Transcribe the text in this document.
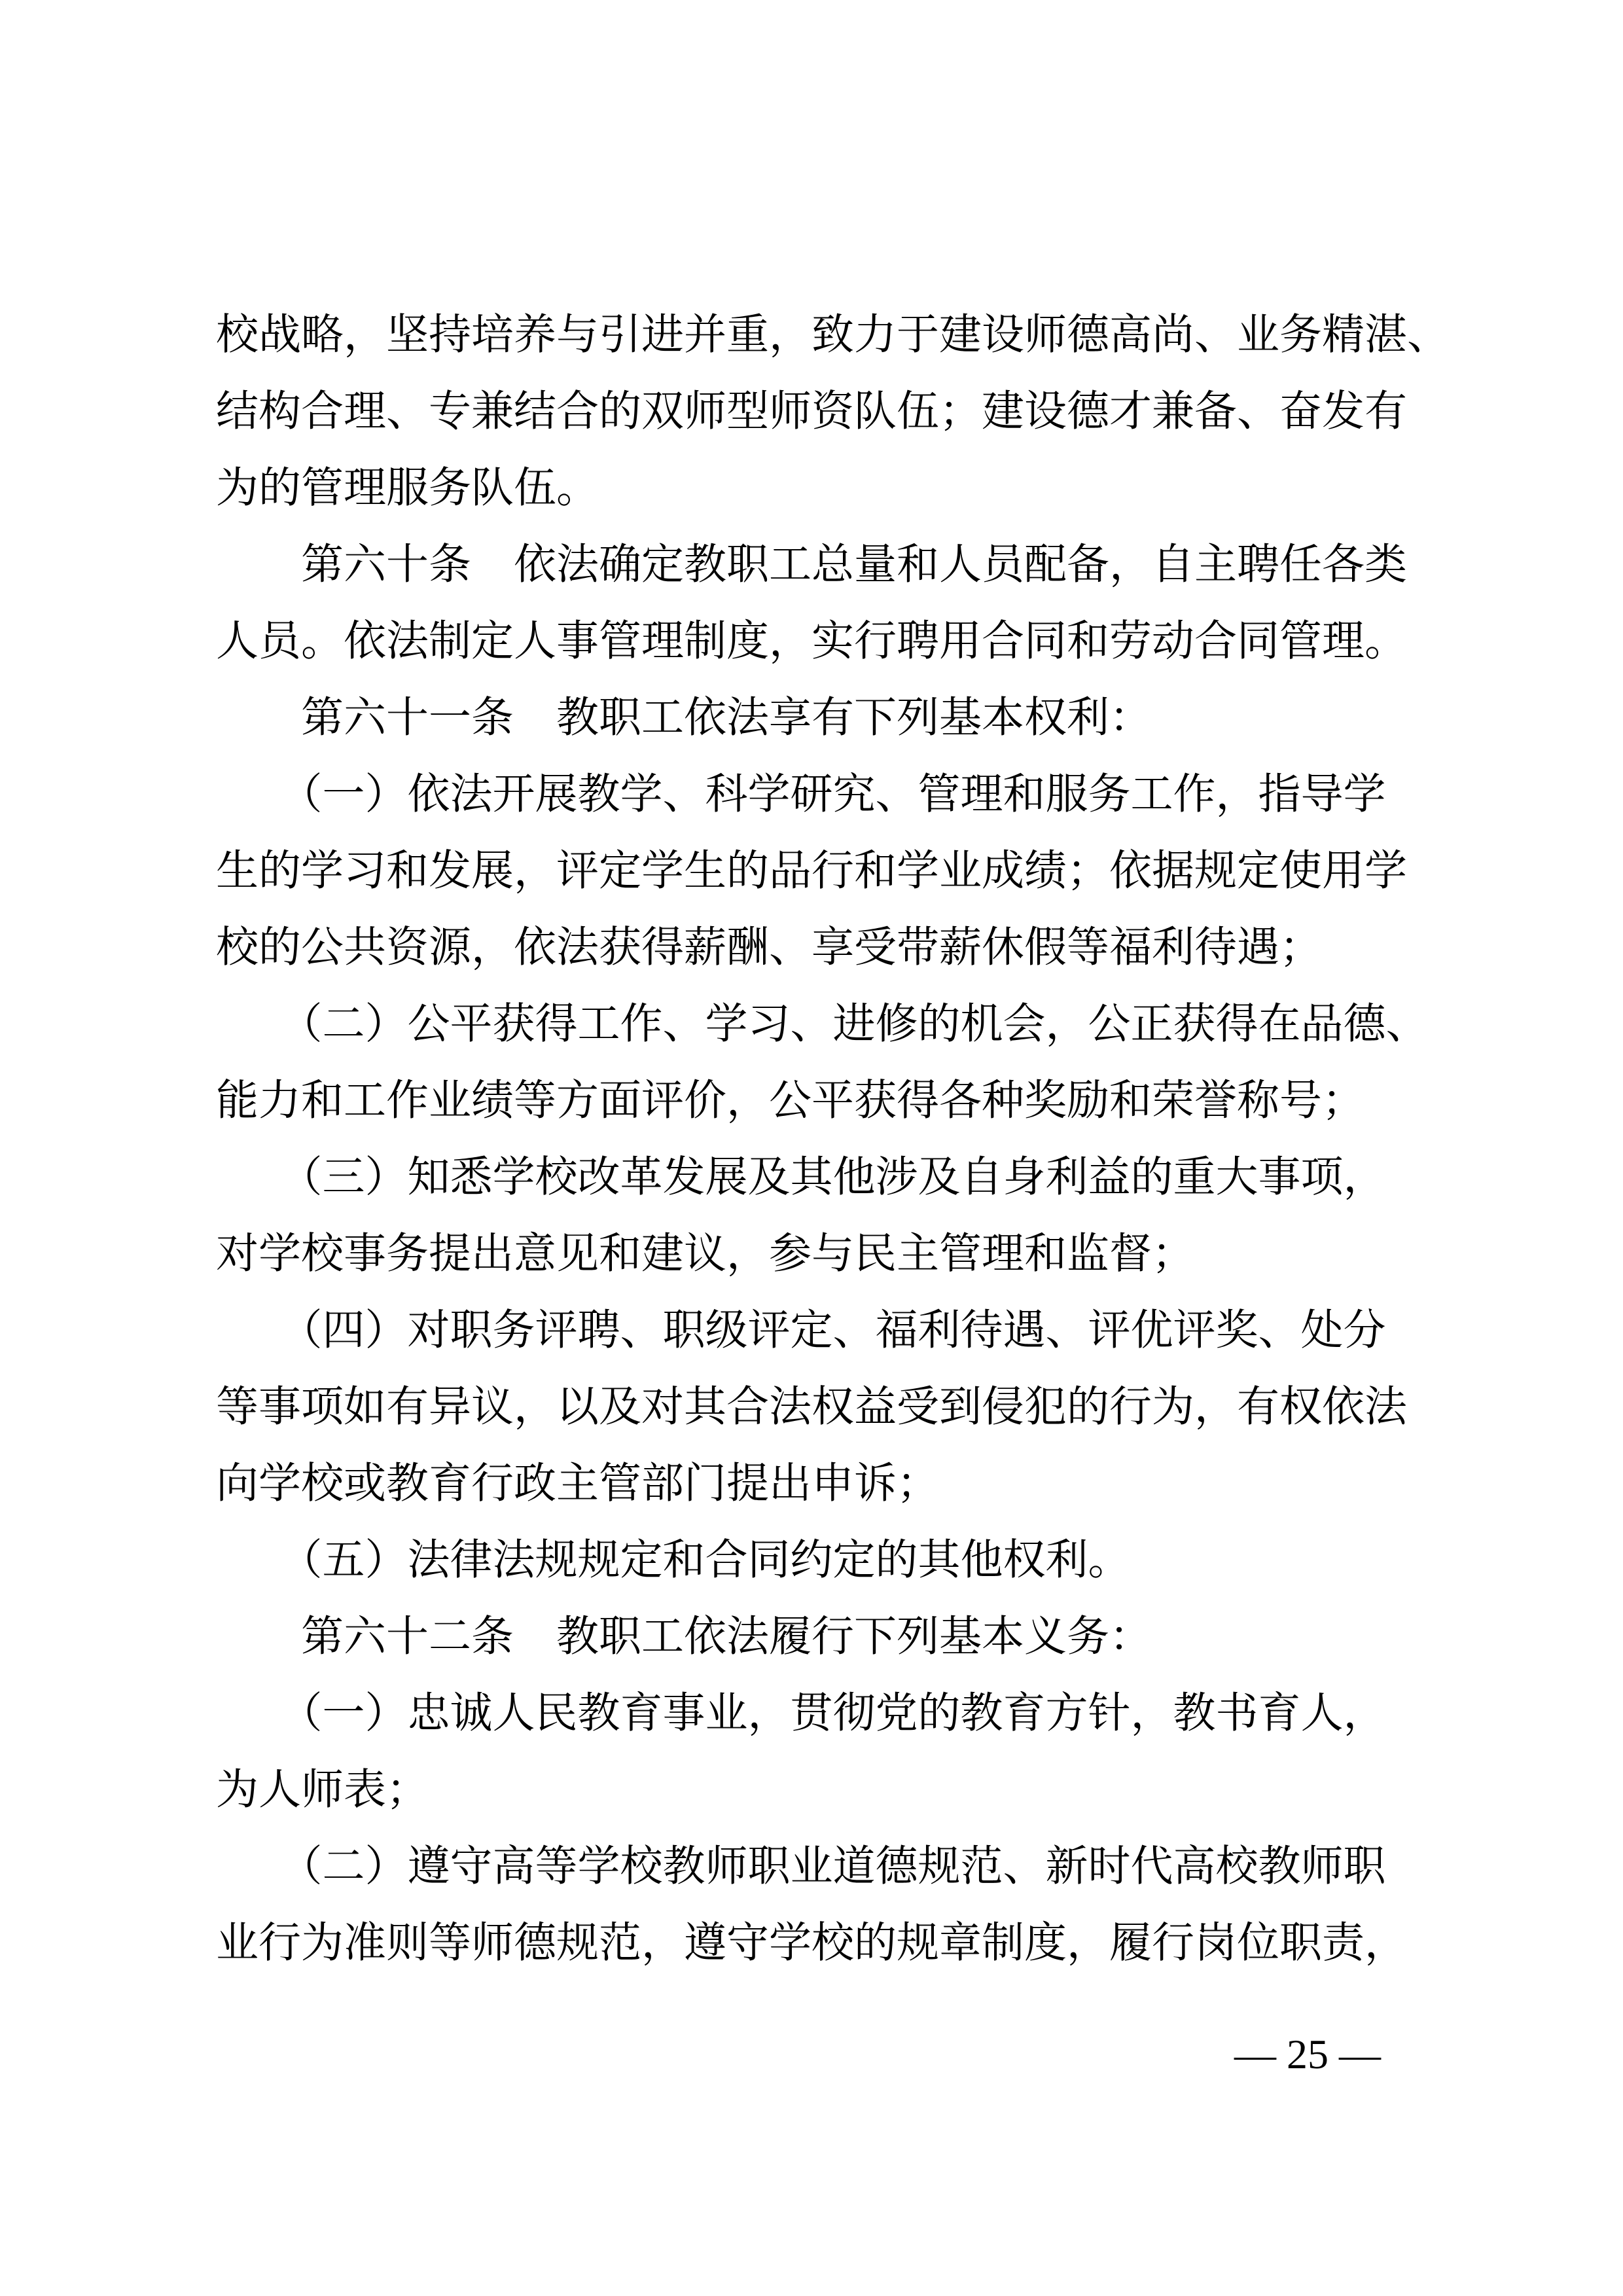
校战略，坚持培养与引进并重，致力于建设师德高尚、业务精湛、
结构合理、专兼结合的双师型师资队伍；建设德才兼备、奋发有
为的管理服务队伍。
　　第六十条　依法确定教职工总量和人员配备，自主聘任各类
人员。依法制定人事管理制度，实行聘用合同和劳动合同管理。
　　第六十一条　教职工依法享有下列基本权利：
　　（一）依法开展教学、科学研究、管理和服务工作，指导学
生的学习和发展，评定学生的品行和学业成绩；依据规定使用学
校的公共资源，依法获得薪酬、享受带薪休假等福利待遇；
　　（二）公平获得工作、学习、进修的机会，公正获得在品德、
能力和工作业绩等方面评价，公平获得各种奖励和荣誉称号；
　　（三）知悉学校改革发展及其他涉及自身利益的重大事项，
对学校事务提出意见和建议，参与民主管理和监督；
　　（四）对职务评聘、职级评定、福利待遇、评优评奖、处分
等事项如有异议，以及对其合法权益受到侵犯的行为，有权依法
向学校或教育行政主管部门提出申诉；
　　（五）法律法规规定和合同约定的其他权利。
　　第六十二条　教职工依法履行下列基本义务：
　　（一）忠诚人民教育事业，贯彻党的教育方针，教书育人，
为人师表；
　　（二）遵守高等学校教师职业道德规范、新时代高校教师职
业行为准则等师德规范，遵守学校的规章制度，履行岗位职责，
— 25 —
